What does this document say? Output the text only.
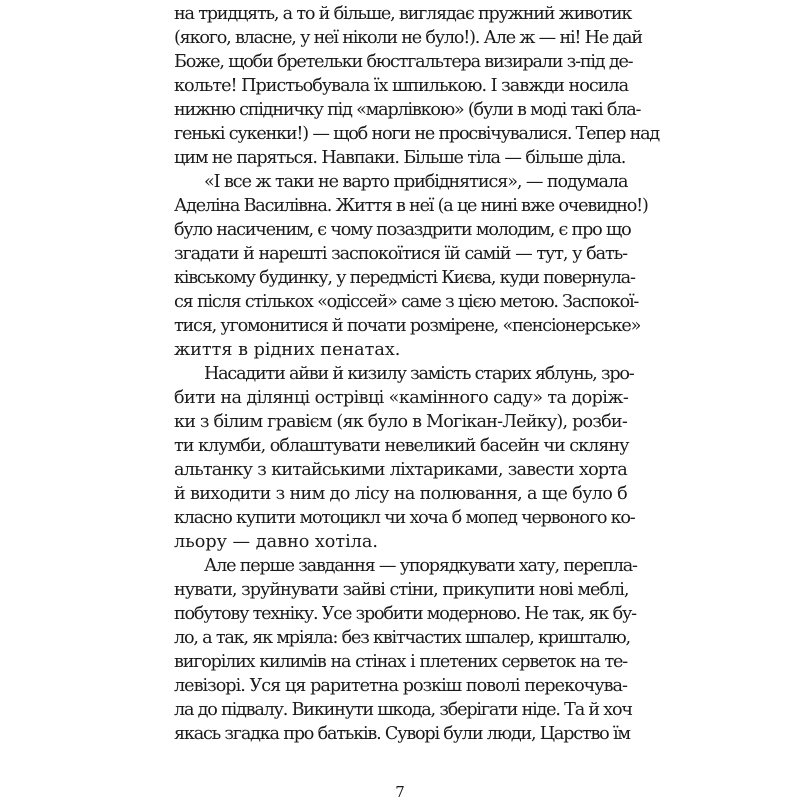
на тридцять, а то й більше, виглядає пружний животик
(якого, власне, у неї ніколи не було!). Але ж — ні! Не дай
Боже, щоби бретельки бюстгальтера визирали з-під де-
кольте! Пристьобувала їх шпилькою. І завжди носила
нижню спідничку під «марлівкою» (були в моді такі бла-
генькі сукенки!) — щоб ноги не просвічувалися. Тепер над
цим не паряться. Навпаки. Більше тіла — більше діла.
«І все ж таки не варто прибіднятися», — подумала
Аделіна Василівна. Життя в неї (а це нині вже очевидно!)
було насиченим, є чому позаздрити молодим, є про що
згадати й нарешті заспокоїтися їй самій — тут, у бать-
ківському будинку, у передмісті Києва, куди повернула-
ся після стількох «одіссей» саме з цією метою. Заспокої-
тися, угомонитися й почати розмірене, «пенсіонерське»
життя в рідних пенатах.
Насадити айви й кизилу замість старих яблунь, зро-
бити на ділянці острівці «камінного саду» та доріж-
ки з білим гравієм (як було в Могікан-Лейку), розби-
ти клумби, облаштувати невеликий басейн чи скляну
альтанку з китайськими ліхтариками, завести хорта
й виходити з ним до лісу на полювання, а ще було б
класно купити мотоцикл чи хоча б мопед червоного ко-
льору — давно хотіла.
Але перше завдання — упорядкувати хату, перепла-
нувати, зруйнувати зайві стіни, прикупити нові меблі,
побутову техніку. Усе зробити модерново. Не так, як бу-
ло, а так, як мріяла: без квітчастих шпалер, кришталю,
вигорілих килимів на стінах і плетених серветок на те-
левізорі. Уся ця раритетна розкіш поволі перекочува-
ла до підвалу. Викинути шкода, зберігати ніде. Та й хоч
якась згадка про батьків. Суворі були люди, Царство їм
7
